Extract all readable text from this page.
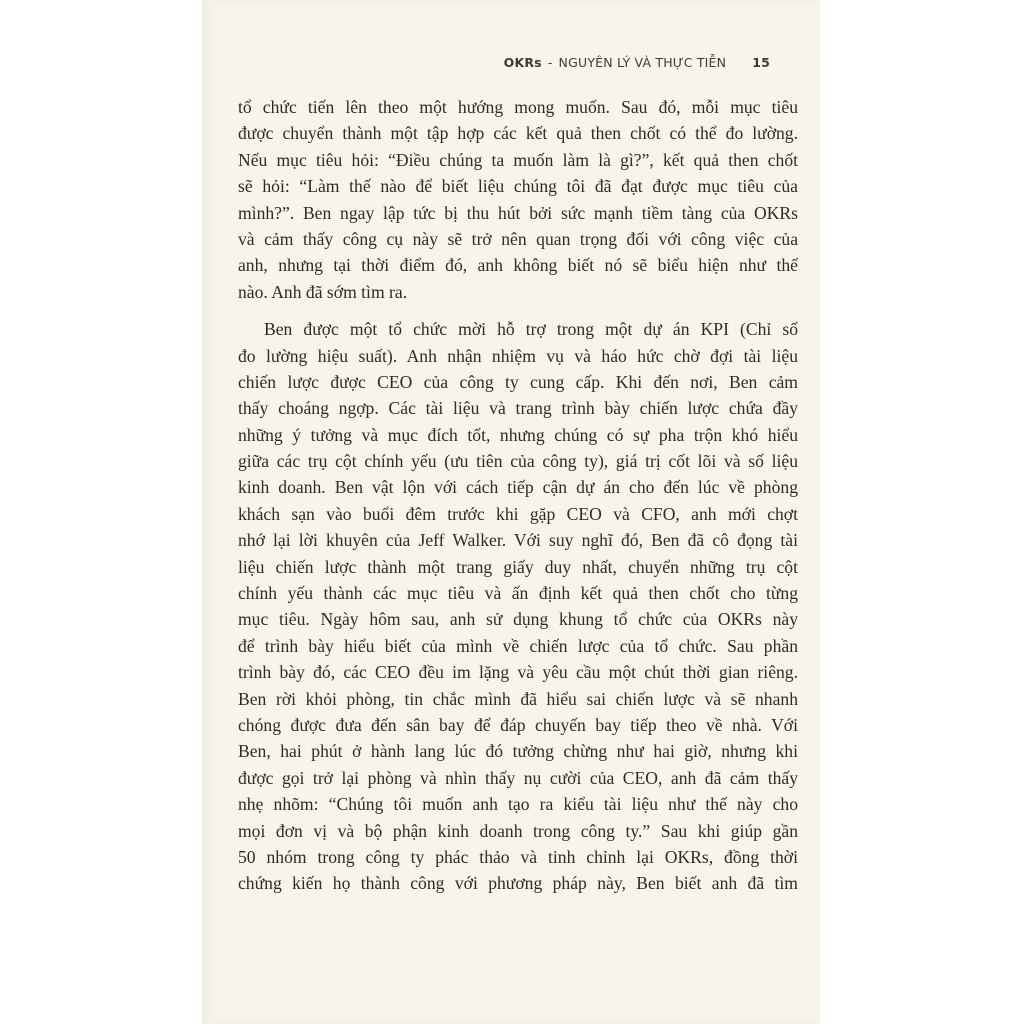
OKRs - NGUYÊN LÝ VÀ THỰC TIỄN 15
tổ chức tiến lên theo một hướng mong muốn. Sau đó, mỗi mục tiêu
được chuyển thành một tập hợp các kết quả then chốt có thể đo lường.
Nếu mục tiêu hỏi: “Điều chúng ta muốn làm là gì?”, kết quả then chốt
sẽ hỏi: “Làm thế nào để biết liệu chúng tôi đã đạt được mục tiêu của
mình?”. Ben ngay lập tức bị thu hút bởi sức mạnh tiềm tàng của OKRs
và cảm thấy công cụ này sẽ trở nên quan trọng đối với công việc của
anh, nhưng tại thời điểm đó, anh không biết nó sẽ biểu hiện như thế
nào. Anh đã sớm tìm ra.
Ben được một tổ chức mời hỗ trợ trong một dự án KPI (Chỉ số
đo lường hiệu suất). Anh nhận nhiệm vụ và háo hức chờ đợi tài liệu
chiến lược được CEO của công ty cung cấp. Khi đến nơi, Ben cảm
thấy choáng ngợp. Các tài liệu và trang trình bày chiến lược chứa đầy
những ý tưởng và mục đích tốt, nhưng chúng có sự pha trộn khó hiểu
giữa các trụ cột chính yếu (ưu tiên của công ty), giá trị cốt lõi và số liệu
kinh doanh. Ben vật lộn với cách tiếp cận dự án cho đến lúc về phòng
khách sạn vào buổi đêm trước khi gặp CEO và CFO, anh mới chợt
nhớ lại lời khuyên của Jeff Walker. Với suy nghĩ đó, Ben đã cô đọng tài
liệu chiến lược thành một trang giấy duy nhất, chuyển những trụ cột
chính yếu thành các mục tiêu và ấn định kết quả then chốt cho từng
mục tiêu. Ngày hôm sau, anh sử dụng khung tổ chức của OKRs này
để trình bày hiểu biết của mình về chiến lược của tổ chức. Sau phần
trình bày đó, các CEO đều im lặng và yêu cầu một chút thời gian riêng.
Ben rời khỏi phòng, tin chắc mình đã hiểu sai chiến lược và sẽ nhanh
chóng được đưa đến sân bay để đáp chuyến bay tiếp theo về nhà. Với
Ben, hai phút ở hành lang lúc đó tưởng chừng như hai giờ, nhưng khi
được gọi trở lại phòng và nhìn thấy nụ cười của CEO, anh đã cảm thấy
nhẹ nhõm: “Chúng tôi muốn anh tạo ra kiểu tài liệu như thế này cho
mọi đơn vị và bộ phận kinh doanh trong công ty.” Sau khi giúp gần
50 nhóm trong công ty phác thảo và tinh chỉnh lại OKRs, đồng thời
chứng kiến họ thành công với phương pháp này, Ben biết anh đã tìm
